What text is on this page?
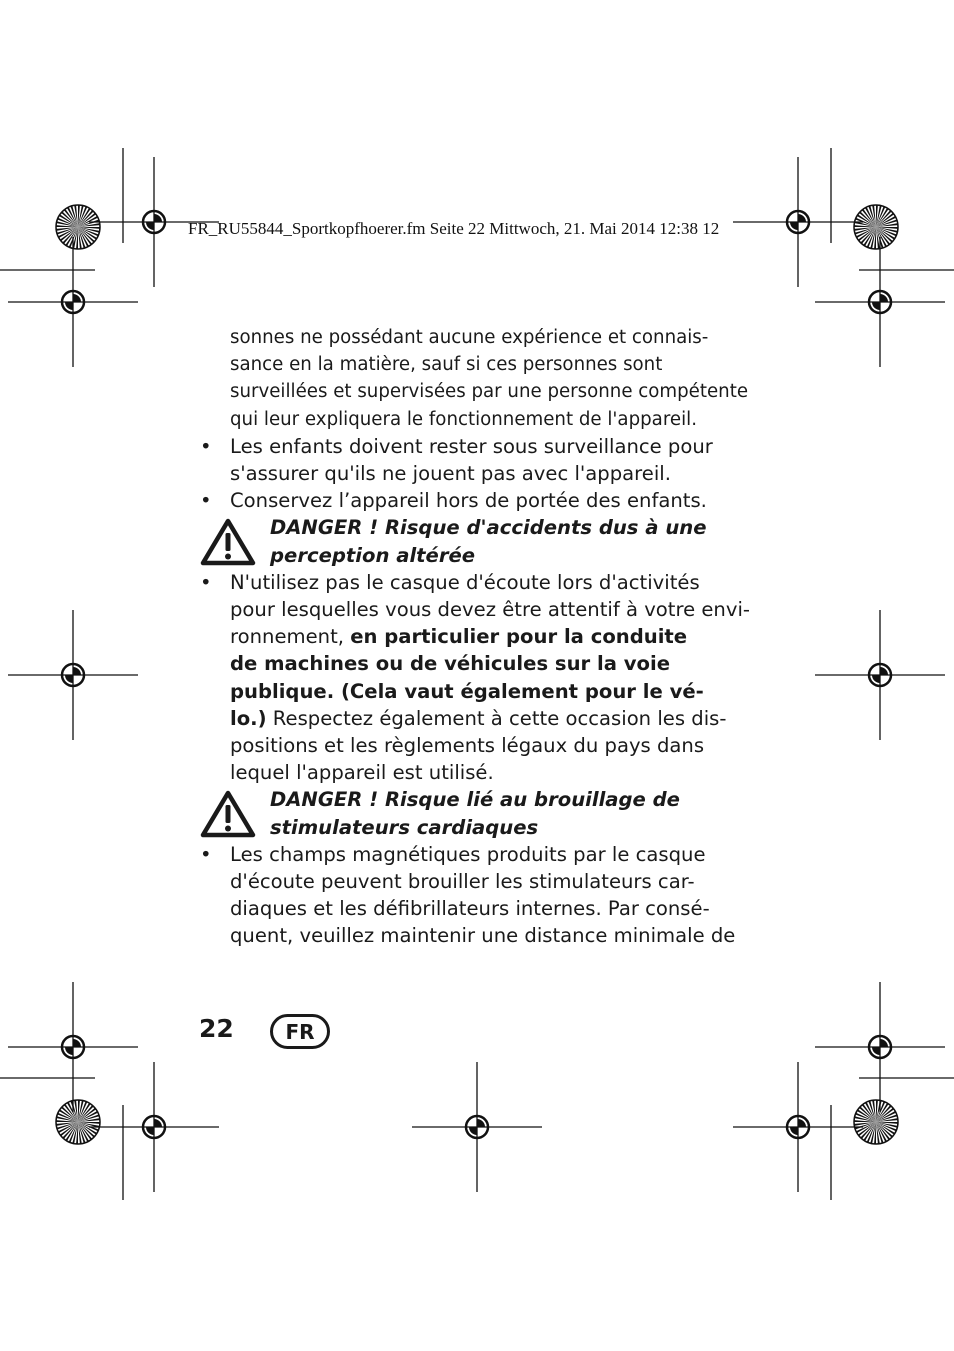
FR_RU55844_Sportkopfhoerer.fm Seite 22 Mittwoch, 21. Mai 2014 12:38 12
sonnes ne possédant aucune expérience et connais-
sance en la matière, sauf si ces personnes sont
surveillées et supervisées par une personne compétente
qui leur expliquera le fonctionnement de l'appareil.
• Les enfants doivent rester sous surveillance pour
s'assurer qu'ils ne jouent pas avec l'appareil.
• Conservez l’appareil hors de portée des enfants.
DANGER ! Risque d'accidents dus à une
perception altérée
• N'utilisez pas le casque d'écoute lors d'activités
pour lesquelles vous devez être attentif à votre envi-
ronnement, en particulier pour la conduite
de machines ou de véhicules sur la voie
publique. (Cela vaut également pour le vé-
lo.) Respectez également à cette occasion les dis-
positions et les règlements légaux du pays dans
lequel l'appareil est utilisé.
DANGER ! Risque lié au brouillage de
stimulateurs cardiaques
• Les champs magnétiques produits par le casque
d'écoute peuvent brouiller les stimulateurs car-
diaques et les défibrillateurs internes. Par consé-
quent, veuillez maintenir une distance minimale de
22	FR
